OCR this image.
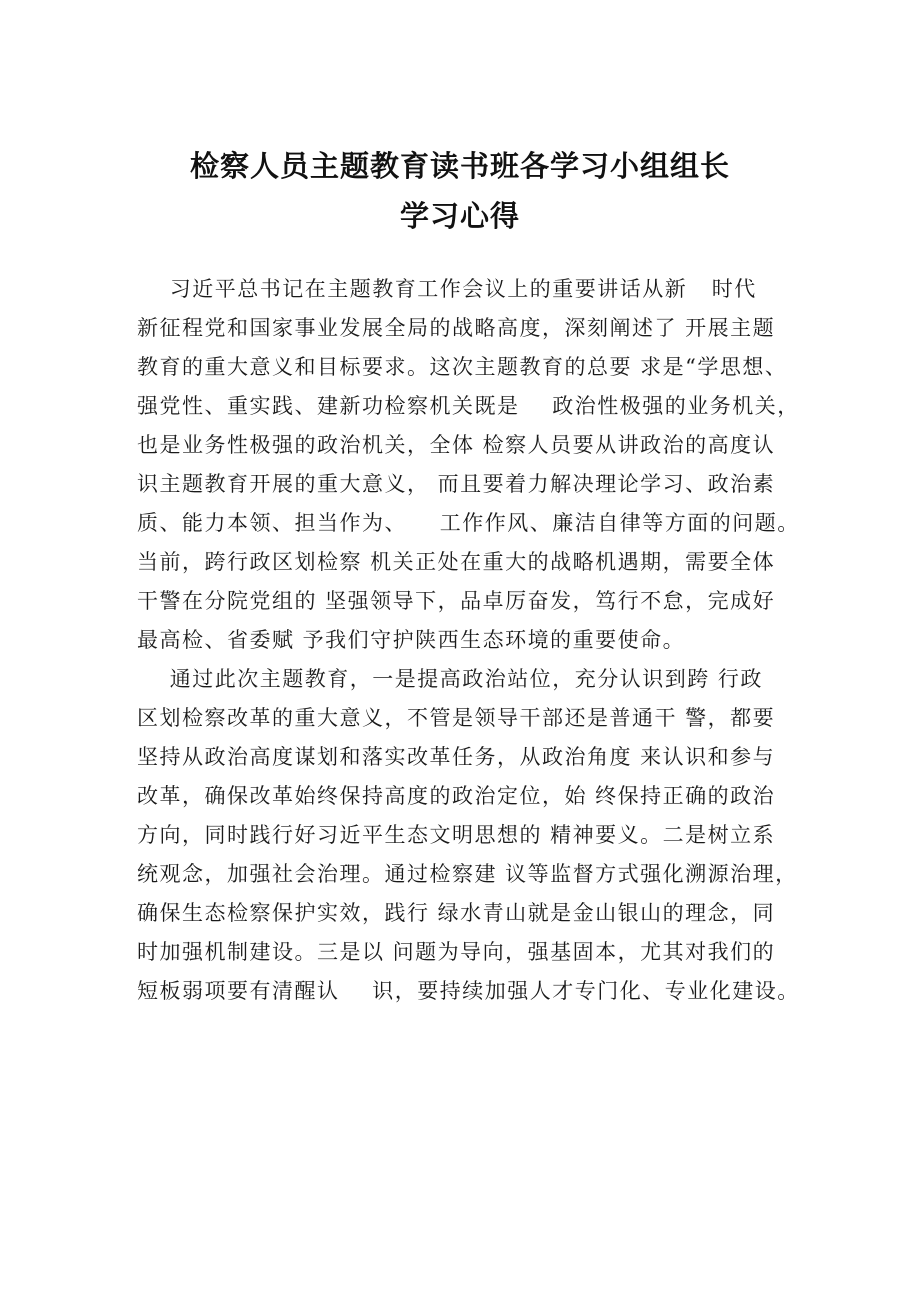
检察人员主题教育读书班各学习小组组长
学习心得
习近平总书记在主题教育工作会议上的重要讲话从新   时代
新征程党和国家事业发展全局的战略高度，深刻阐述了 开展主题
教育的重大意义和目标要求。这次主题教育的总要 求是“学思想、
强党性、重实践、建新功检察机关既是    政治性极强的业务机关，
也是业务性极强的政治机关，全体 检察人员要从讲政治的高度认
识主题教育开展的重大意义， 而且要着力解决理论学习、政治素
质、能力本领、担当作为、    工作作风、廉洁自律等方面的问题。
当前，跨行政区划检察 机关正处在重大的战略机遇期，需要全体
干警在分院党组的 坚强领导下，品卓厉奋发，笃行不怠，完成好
最高检、省委赋 予我们守护陕西生态环境的重要使命。
通过此次主题教育，一是提高政治站位，充分认识到跨 行政
区划检察改革的重大意义，不管是领导干部还是普通干 警，都要
坚持从政治高度谋划和落实改革任务，从政治角度 来认识和参与
改革，确保改革始终保持高度的政治定位，始 终保持正确的政治
方向，同时践行好习近平生态文明思想的 精神要义。二是树立系
统观念，加强社会治理。通过检察建 议等监督方式强化溯源治理，
确保生态检察保护实效，践行 绿水青山就是金山银山的理念，同
时加强机制建设。三是以 问题为导向，强基固本，尤其对我们的
短板弱项要有清醒认    识，要持续加强人才专门化、专业化建设。
